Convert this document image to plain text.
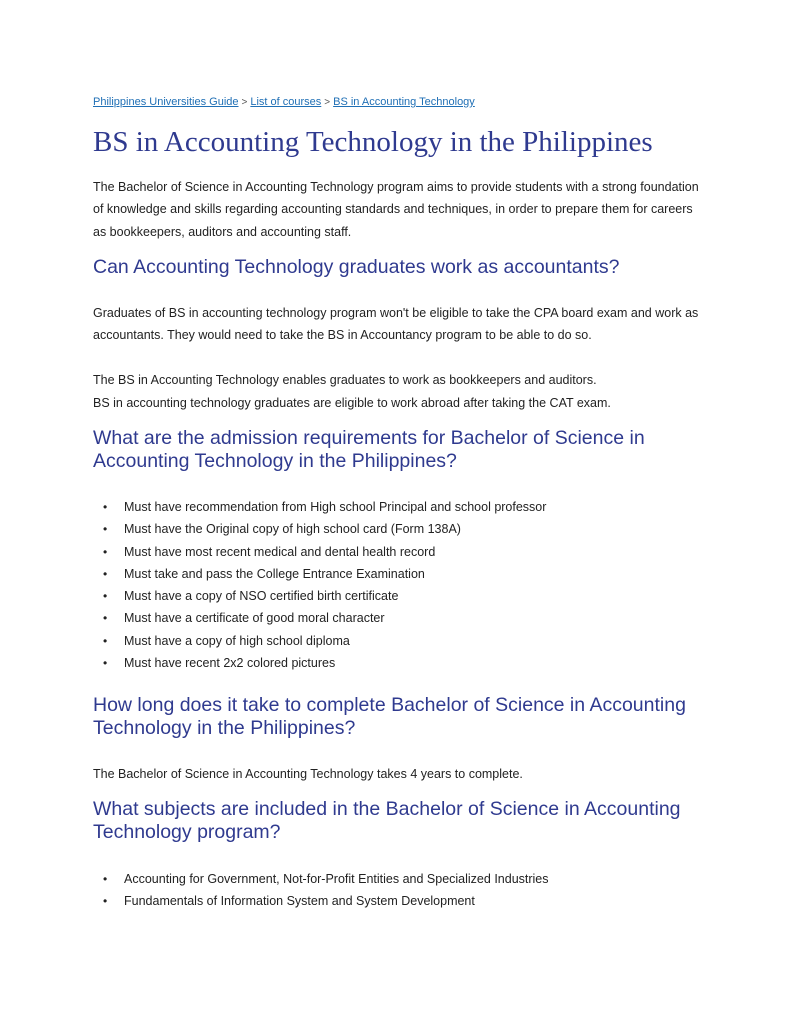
Philippines Universities Guide > List of courses > BS in Accounting Technology
BS in Accounting Technology in the Philippines

The Bachelor of Science in Accounting Technology program aims to provide students with a strong foundation of knowledge and skills regarding accounting standards and techniques, in order to prepare them for careers as bookkeepers, auditors and accounting staff.

Can Accounting Technology graduates work as accountants?

Graduates of BS in accounting technology program won't be eligible to take the CPA board exam and work as accountants. They would need to take the BS in Accountancy program to be able to do so.

The BS in Accounting Technology enables graduates to work as bookkeepers and auditors.

BS in accounting technology graduates are eligible to work abroad after taking the CAT exam.

What are the admission requirements for Bachelor of Science in Accounting Technology in the Philippines?
• Must have recommendation from High school Principal and school professor
• Must have the Original copy of high school card (Form 138A)
• Must have most recent medical and dental health record
• Must take and pass the College Entrance Examination
• Must have a copy of NSO certified birth certificate
• Must have a certificate of good moral character
• Must have a copy of high school diploma
• Must have recent 2x2 colored pictures
How long does it take to complete Bachelor of Science in Accounting Technology in the Philippines?

The Bachelor of Science in Accounting Technology takes 4 years to complete.

What subjects are included in the Bachelor of Science in Accounting Technology program?
• Accounting for Government, Not-for-Profit Entities and Specialized Industries
• Fundamentals of Information System and System Development
